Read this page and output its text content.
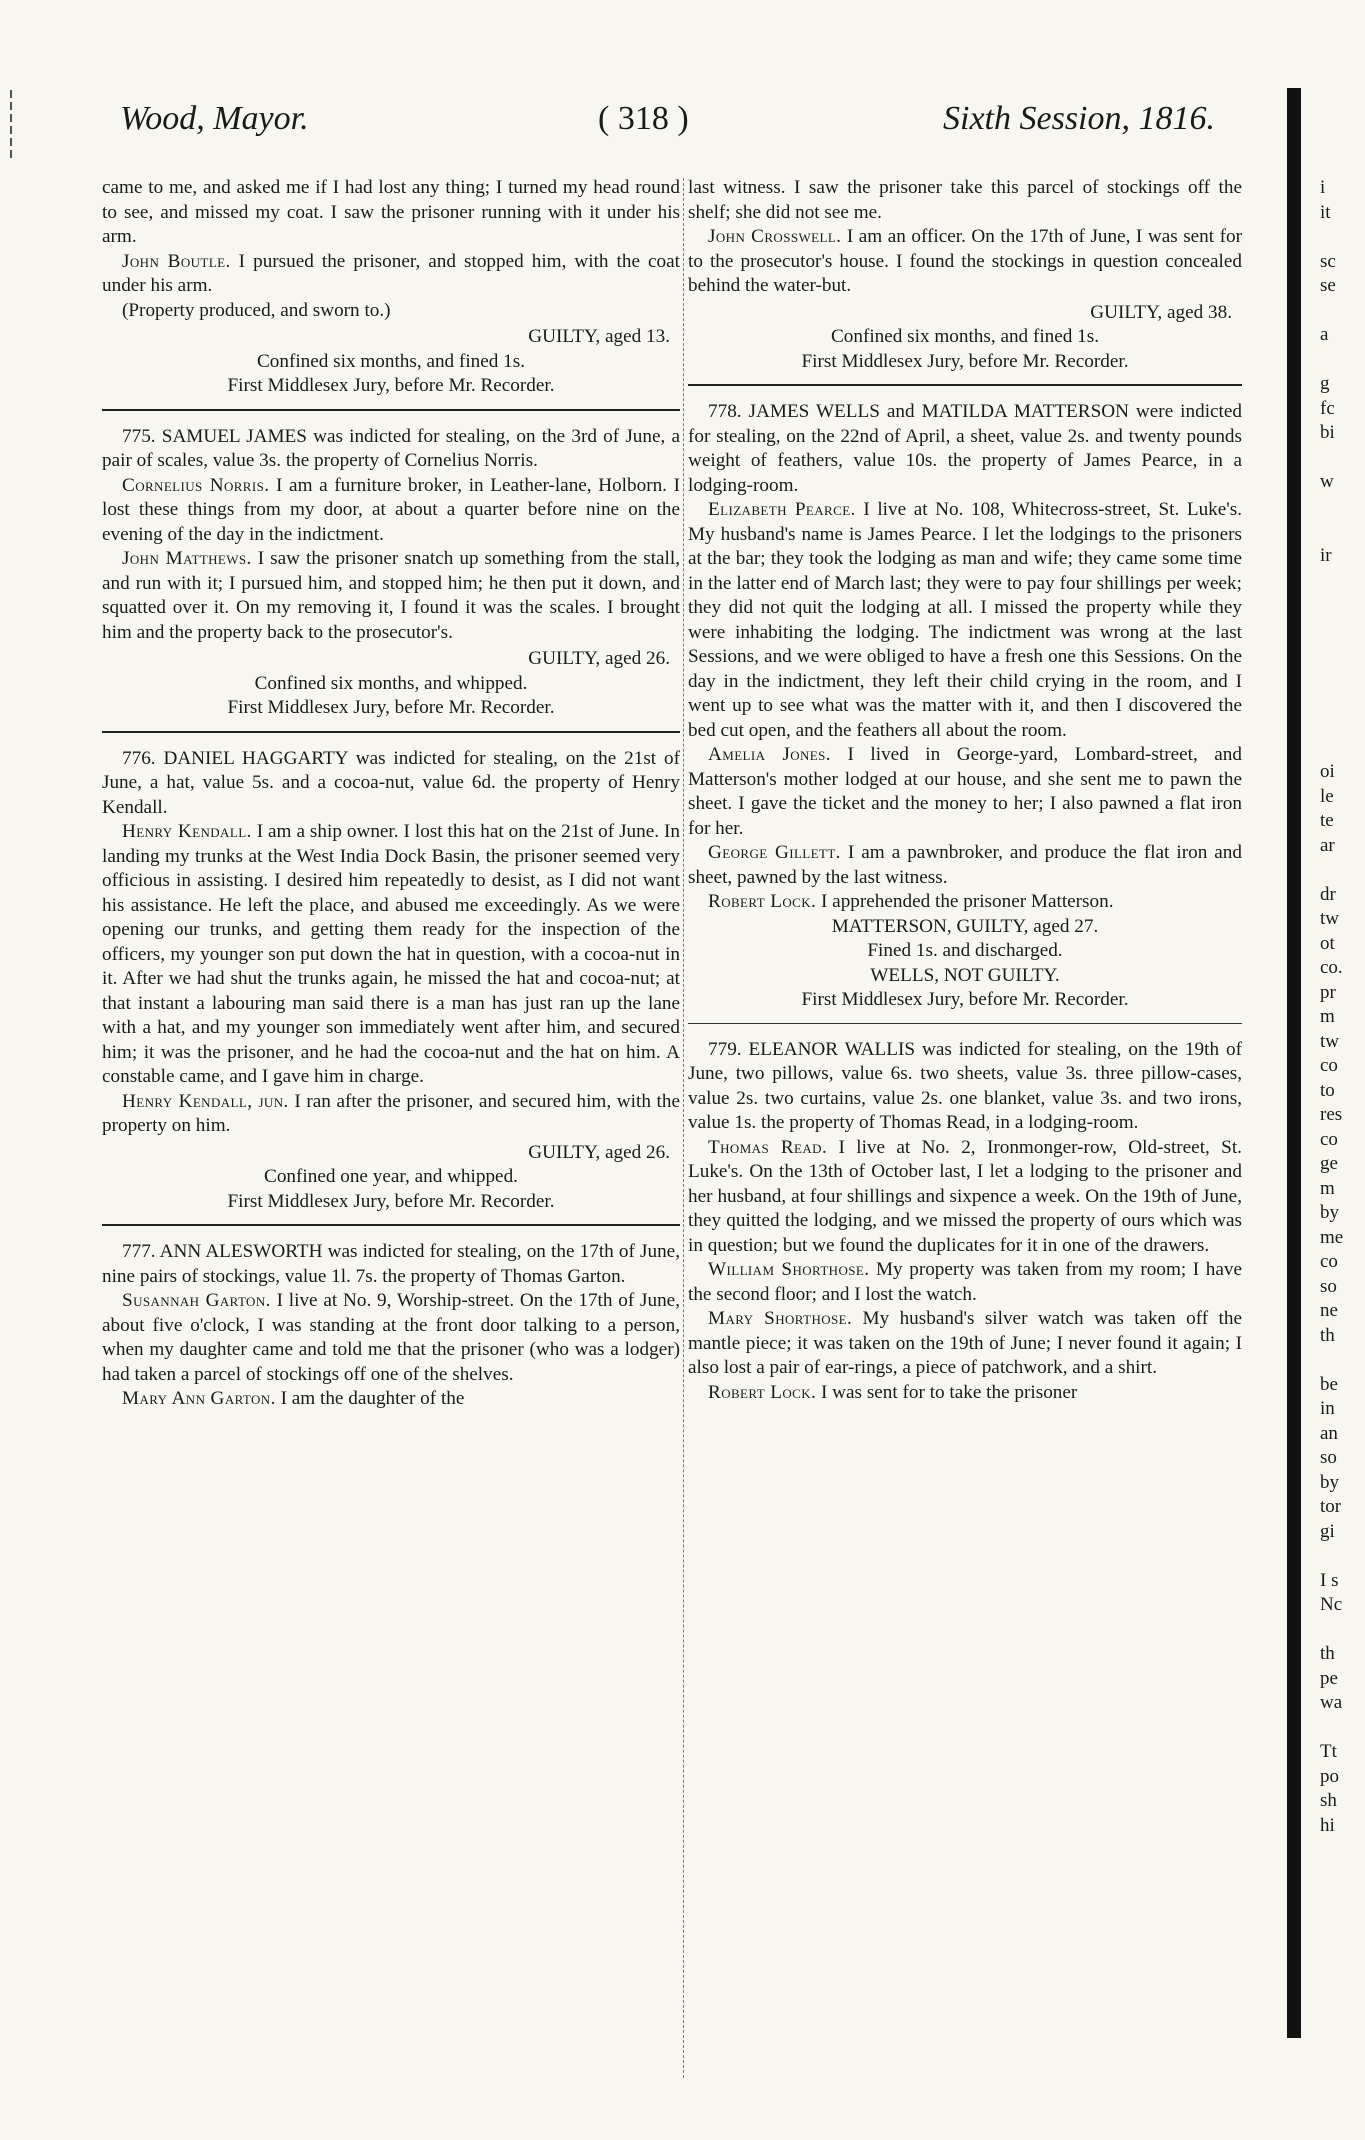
Wood, Mayor.	( 318 )	Sixth Session, 1816.

came to me, and asked me if I had lost any thing; I turned my head round to see, and missed my coat. I saw the prisoner running with it under his arm.

John Boutle. I pursued the prisoner, and stopped him, with the coat under his arm.

(Property produced, and sworn to.)

GUILTY, aged 13.

Confined six months, and fined 1s.

First Middlesex Jury, before Mr. Recorder.

775. SAMUEL JAMES was indicted for stealing, on the 3rd of June, a pair of scales, value 3s. the property of Cornelius Norris.

Cornelius Norris. I am a furniture broker, in Leather-lane, Holborn. I lost these things from my door, at about a quarter before nine on the evening of the day in the indictment.

John Matthews. I saw the prisoner snatch up something from the stall, and run with it; I pursued him, and stopped him; he then put it down, and squatted over it. On my removing it, I found it was the scales. I brought him and the property back to the prosecutor's.

GUILTY, aged 26.

Confined six months, and whipped.

First Middlesex Jury, before Mr. Recorder.

776. DANIEL HAGGARTY was indicted for stealing, on the 21st of June, a hat, value 5s. and a cocoa-nut, value 6d. the property of Henry Kendall.

Henry Kendall. I am a ship owner. I lost this hat on the 21st of June. In landing my trunks at the West India Dock Basin, the prisoner seemed very officious in assisting. I desired him repeatedly to desist, as I did not want his assistance. He left the place, and abused me exceedingly. As we were opening our trunks, and getting them ready for the inspection of the officers, my younger son put down the hat in question, with a cocoa-nut in it. After we had shut the trunks again, he missed the hat and cocoa-nut; at that instant a labouring man said there is a man has just ran up the lane with a hat, and my younger son immediately went after him, and secured him; it was the prisoner, and he had the cocoa-nut and the hat on him. A constable came, and I gave him in charge.

Henry Kendall, jun. I ran after the prisoner, and secured him, with the property on him.

GUILTY, aged 26.

Confined one year, and whipped.

First Middlesex Jury, before Mr. Recorder.

777. ANN ALESWORTH was indicted for stealing, on the 17th of June, nine pairs of stockings, value 1l. 7s. the property of Thomas Garton.

Susannah Garton. I live at No. 9, Worship-street. On the 17th of June, about five o'clock, I was standing at the front door talking to a person, when my daughter came and told me that the prisoner (who was a lodger) had taken a parcel of stockings off one of the shelves.

Mary Ann Garton. I am the daughter of the

last witness. I saw the prisoner take this parcel of stockings off the shelf; she did not see me.

John Crosswell. I am an officer. On the 17th of June, I was sent for to the prosecutor's house. I found the stockings in question concealed behind the water-but.

GUILTY, aged 38.

Confined six months, and fined 1s.

First Middlesex Jury, before Mr. Recorder.

778. JAMES WELLS and MATILDA MATTERSON were indicted for stealing, on the 22nd of April, a sheet, value 2s. and twenty pounds weight of feathers, value 10s. the property of James Pearce, in a lodging-room.

Elizabeth Pearce. I live at No. 108, Whitecross-street, St. Luke's. My husband's name is James Pearce. I let the lodgings to the prisoners at the bar; they took the lodging as man and wife; they came some time in the latter end of March last; they were to pay four shillings per week; they did not quit the lodging at all. I missed the property while they were inhabiting the lodging. The indictment was wrong at the last Sessions, and we were obliged to have a fresh one this Sessions. On the day in the indictment, they left their child crying in the room, and I went up to see what was the matter with it, and then I discovered the bed cut open, and the feathers all about the room.

Amelia Jones. I lived in George-yard, Lombard-street, and Matterson's mother lodged at our house, and she sent me to pawn the sheet. I gave the ticket and the money to her; I also pawned a flat iron for her.

George Gillett. I am a pawnbroker, and produce the flat iron and sheet, pawned by the last witness.

Robert Lock. I apprehended the prisoner Matterson.

MATTERSON, GUILTY, aged 27.

Fined 1s. and discharged.

WELLS, NOT GUILTY.

First Middlesex Jury, before Mr. Recorder.

779. ELEANOR WALLIS was indicted for stealing, on the 19th of June, two pillows, value 6s. two sheets, value 3s. three pillow-cases, value 2s. two curtains, value 2s. one blanket, value 3s. and two irons, value 1s. the property of Thomas Read, in a lodging-room.

Thomas Read. I live at No. 2, Ironmonger-row, Old-street, St. Luke's. On the 13th of October last, I let a lodging to the prisoner and her husband, at four shillings and sixpence a week. On the 19th of June, they quitted the lodging, and we missed the property of ours which was in question; but we found the duplicates for it in one of the drawers.

William Shorthose. My property was taken from my room; I have the second floor; and I lost the watch.

Mary Shorthose. My husband's silver watch was taken off the mantle piece; it was taken on the 19th of June; I never found it again; I also lost a pair of ear-rings, a piece of patchwork, and a shirt.

Robert Lock. I was sent for to take the prisoner

i
it
sc
se
a
g
fc
bi
w
ir
oi
le
te
ar
dr
tw
ot
co.
pr
m
tw
co
to
res
co
ge
m
by
me
co
so
ne
th
be
in
an
so
by
tor
gi
I s
Nc
th
pe
wa
Tt
po
sh
hi
